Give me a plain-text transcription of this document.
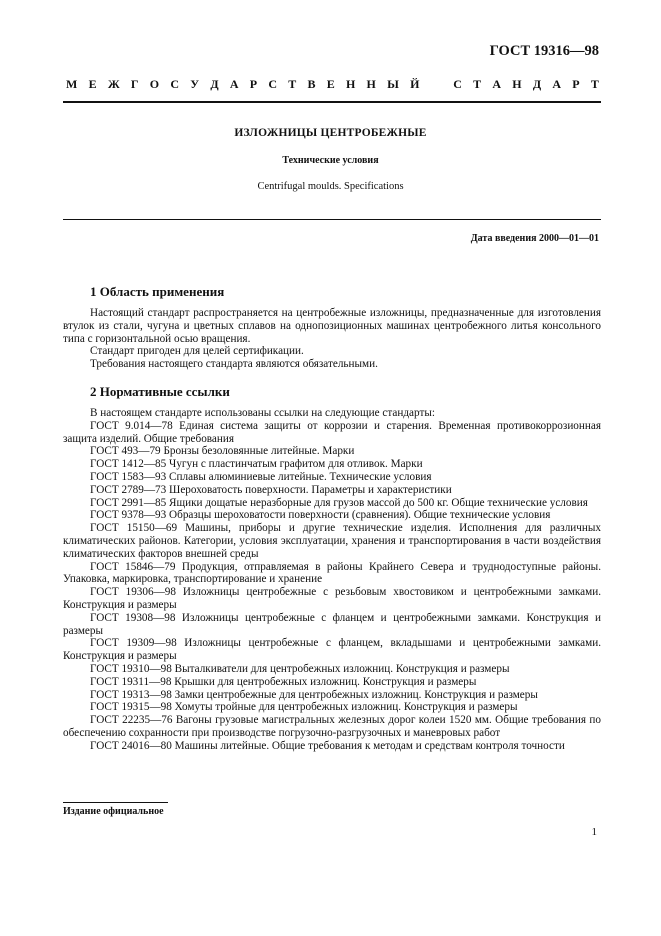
ГОСТ 19316—98
М Е Ж Г О С У Д А Р С Т В Е Н Н Ы Й	С Т А Н Д А Р Т
ИЗЛОЖНИЦЫ ЦЕНТРОБЕЖНЫЕ
Технические условия
Centrifugal moulds. Specifications
Дата введения 2000—01—01
1 Область применения

Настоящий стандарт распространяется на центробежные изложницы, предназначенные для изготовления втулок из стали, чугуна и цветных сплавов на однопозиционных машинах центробежного литья консольного типа с горизонтальной осью вращения.

Стандарт пригоден для целей сертификации.

Требования настоящего стандарта являются обязательными.

2 Нормативные ссылки

В настоящем стандарте использованы ссылки на следующие стандарты:

ГОСТ 9.014—78 Единая система защиты от коррозии и старения. Временная противокоррозионная защита изделий. Общие требования

ГОСТ 493—79 Бронзы безоловянные литейные. Марки

ГОСТ 1412—85 Чугун с пластинчатым графитом для отливок. Марки

ГОСТ 1583—93 Сплавы алюминиевые литейные. Технические условия

ГОСТ 2789—73 Шероховатость поверхности. Параметры и характеристики

ГОСТ 2991—85 Ящики дощатые неразборные для грузов массой до 500 кг. Общие технические условия

ГОСТ 9378—93 Образцы шероховатости поверхности (сравнения). Общие технические условия

ГОСТ 15150—69 Машины, приборы и другие технические изделия. Исполнения для различных климатических районов. Категории, условия эксплуатации, хранения и транспортирования в части воздействия климатических факторов внешней среды

ГОСТ 15846—79 Продукция, отправляемая в районы Крайнего Севера и труднодоступные районы. Упаковка, маркировка, транспортирование и хранение

ГОСТ 19306—98 Изложницы центробежные с резьбовым хвостовиком и центробежными замками. Конструкция и размеры

ГОСТ 19308—98 Изложницы центробежные с фланцем и центробежными замками. Конструкция и размеры

ГОСТ 19309—98 Изложницы центробежные с фланцем, вкладышами и центробежными замками. Конструкция и размеры

ГОСТ 19310—98 Выталкиватели для центробежных изложниц. Конструкция и размеры

ГОСТ 19311—98 Крышки для центробежных изложниц. Конструкция и размеры

ГОСТ 19313—98 Замки центробежные для центробежных изложниц. Конструкция и размеры

ГОСТ 19315—98 Хомуты тройные для центробежных изложниц. Конструкция и размеры

ГОСТ 22235—76 Вагоны грузовые магистральных железных дорог колеи 1520 мм. Общие требования по обеспечению сохранности при производстве погрузочно-разгрузочных и маневровых работ

ГОСТ 24016—80 Машины литейные. Общие требования к методам и средствам контроля точности

Издание официальное
1
